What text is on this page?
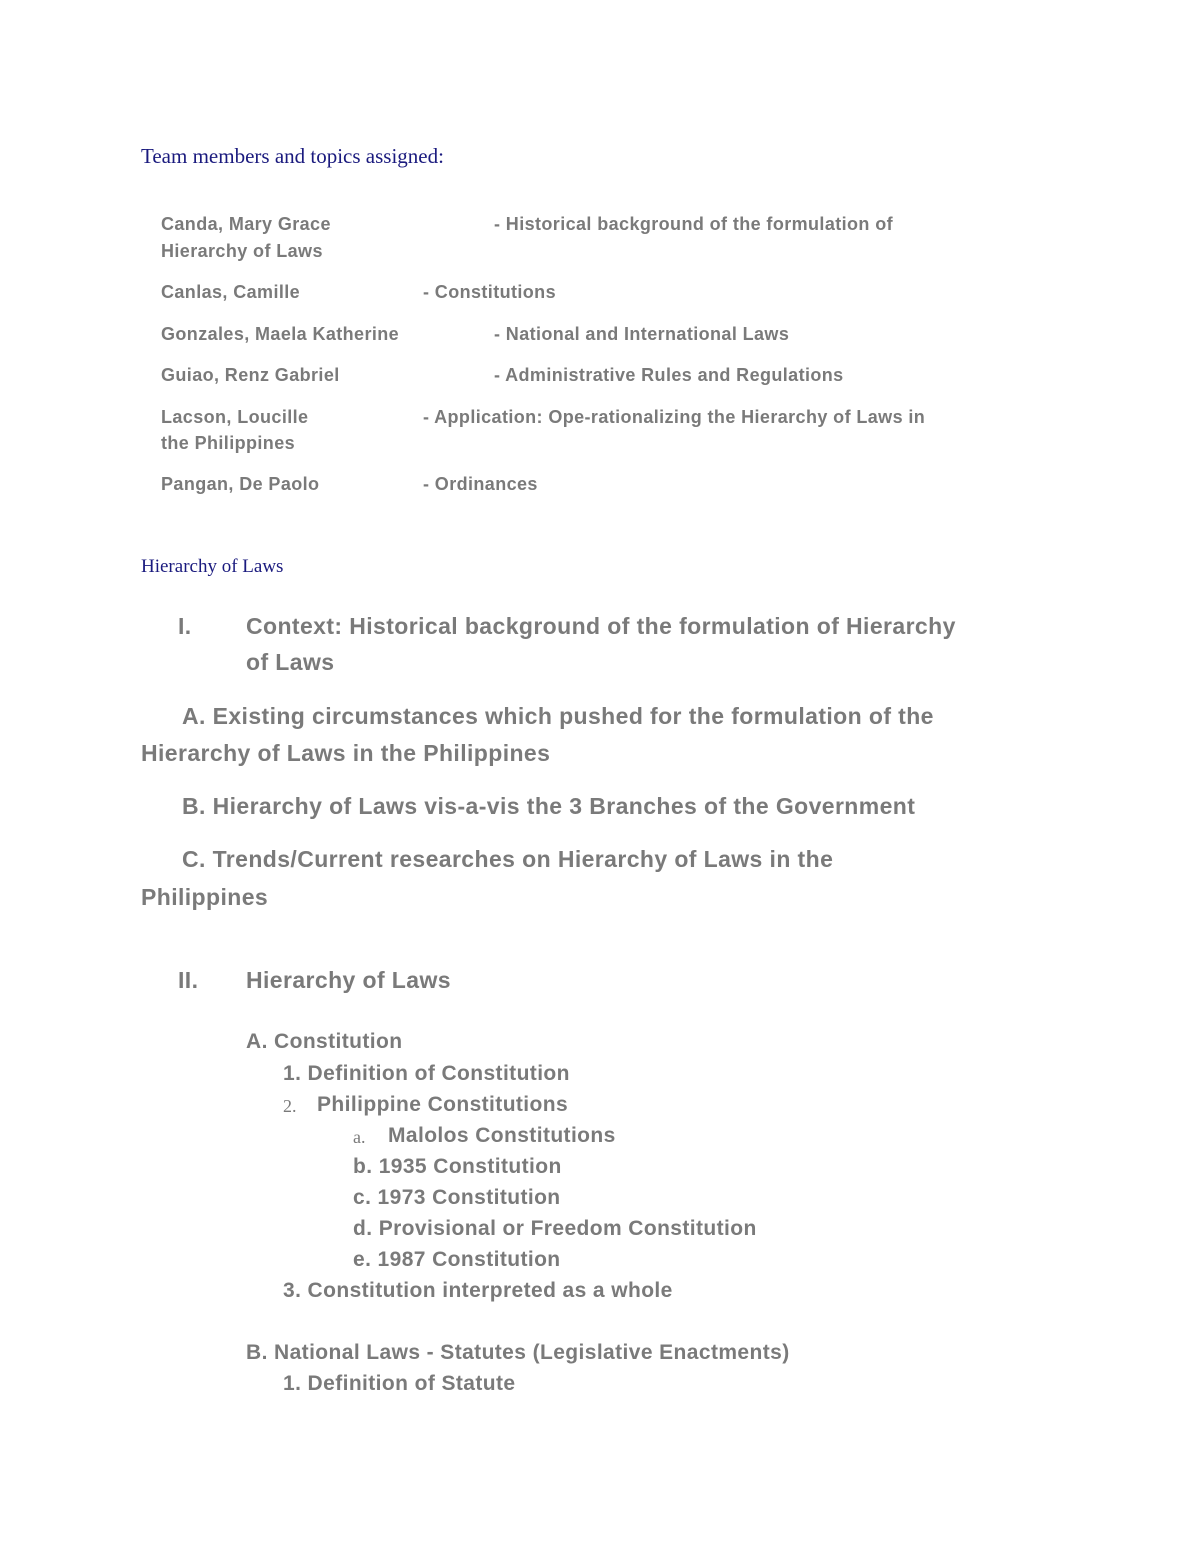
Team members and topics assigned:
Canda, Mary Grace	- Historical background of the formulation of
Hierarchy of Laws
Canlas, Camille	- Constitutions
Gonzales, Maela Katherine	- National and International Laws
Guiao, Renz Gabriel	- Administrative Rules and Regulations
Lacson, Loucille	- Application: Ope-rationalizing the Hierarchy of Laws in
the Philippines
Pangan, De Paolo	- Ordinances
Hierarchy of Laws
I. Context: Historical background of the formulation of Hierarchy
of Laws
A. Existing circumstances which pushed for the formulation of the
Hierarchy of Laws in the Philippines
B. Hierarchy of Laws vis-a-vis the 3 Branches of the Government
C. Trends/Current researches on Hierarchy of Laws in the
Philippines
II. Hierarchy of Laws
A. Constitution
1. Definition of Constitution
2. Philippine Constitutions
a. Malolos Constitutions
b. 1935 Constitution
c. 1973 Constitution
d. Provisional or Freedom Constitution
e. 1987 Constitution
3. Constitution interpreted as a whole
B. National Laws - Statutes (Legislative Enactments)
1. Definition of Statute
